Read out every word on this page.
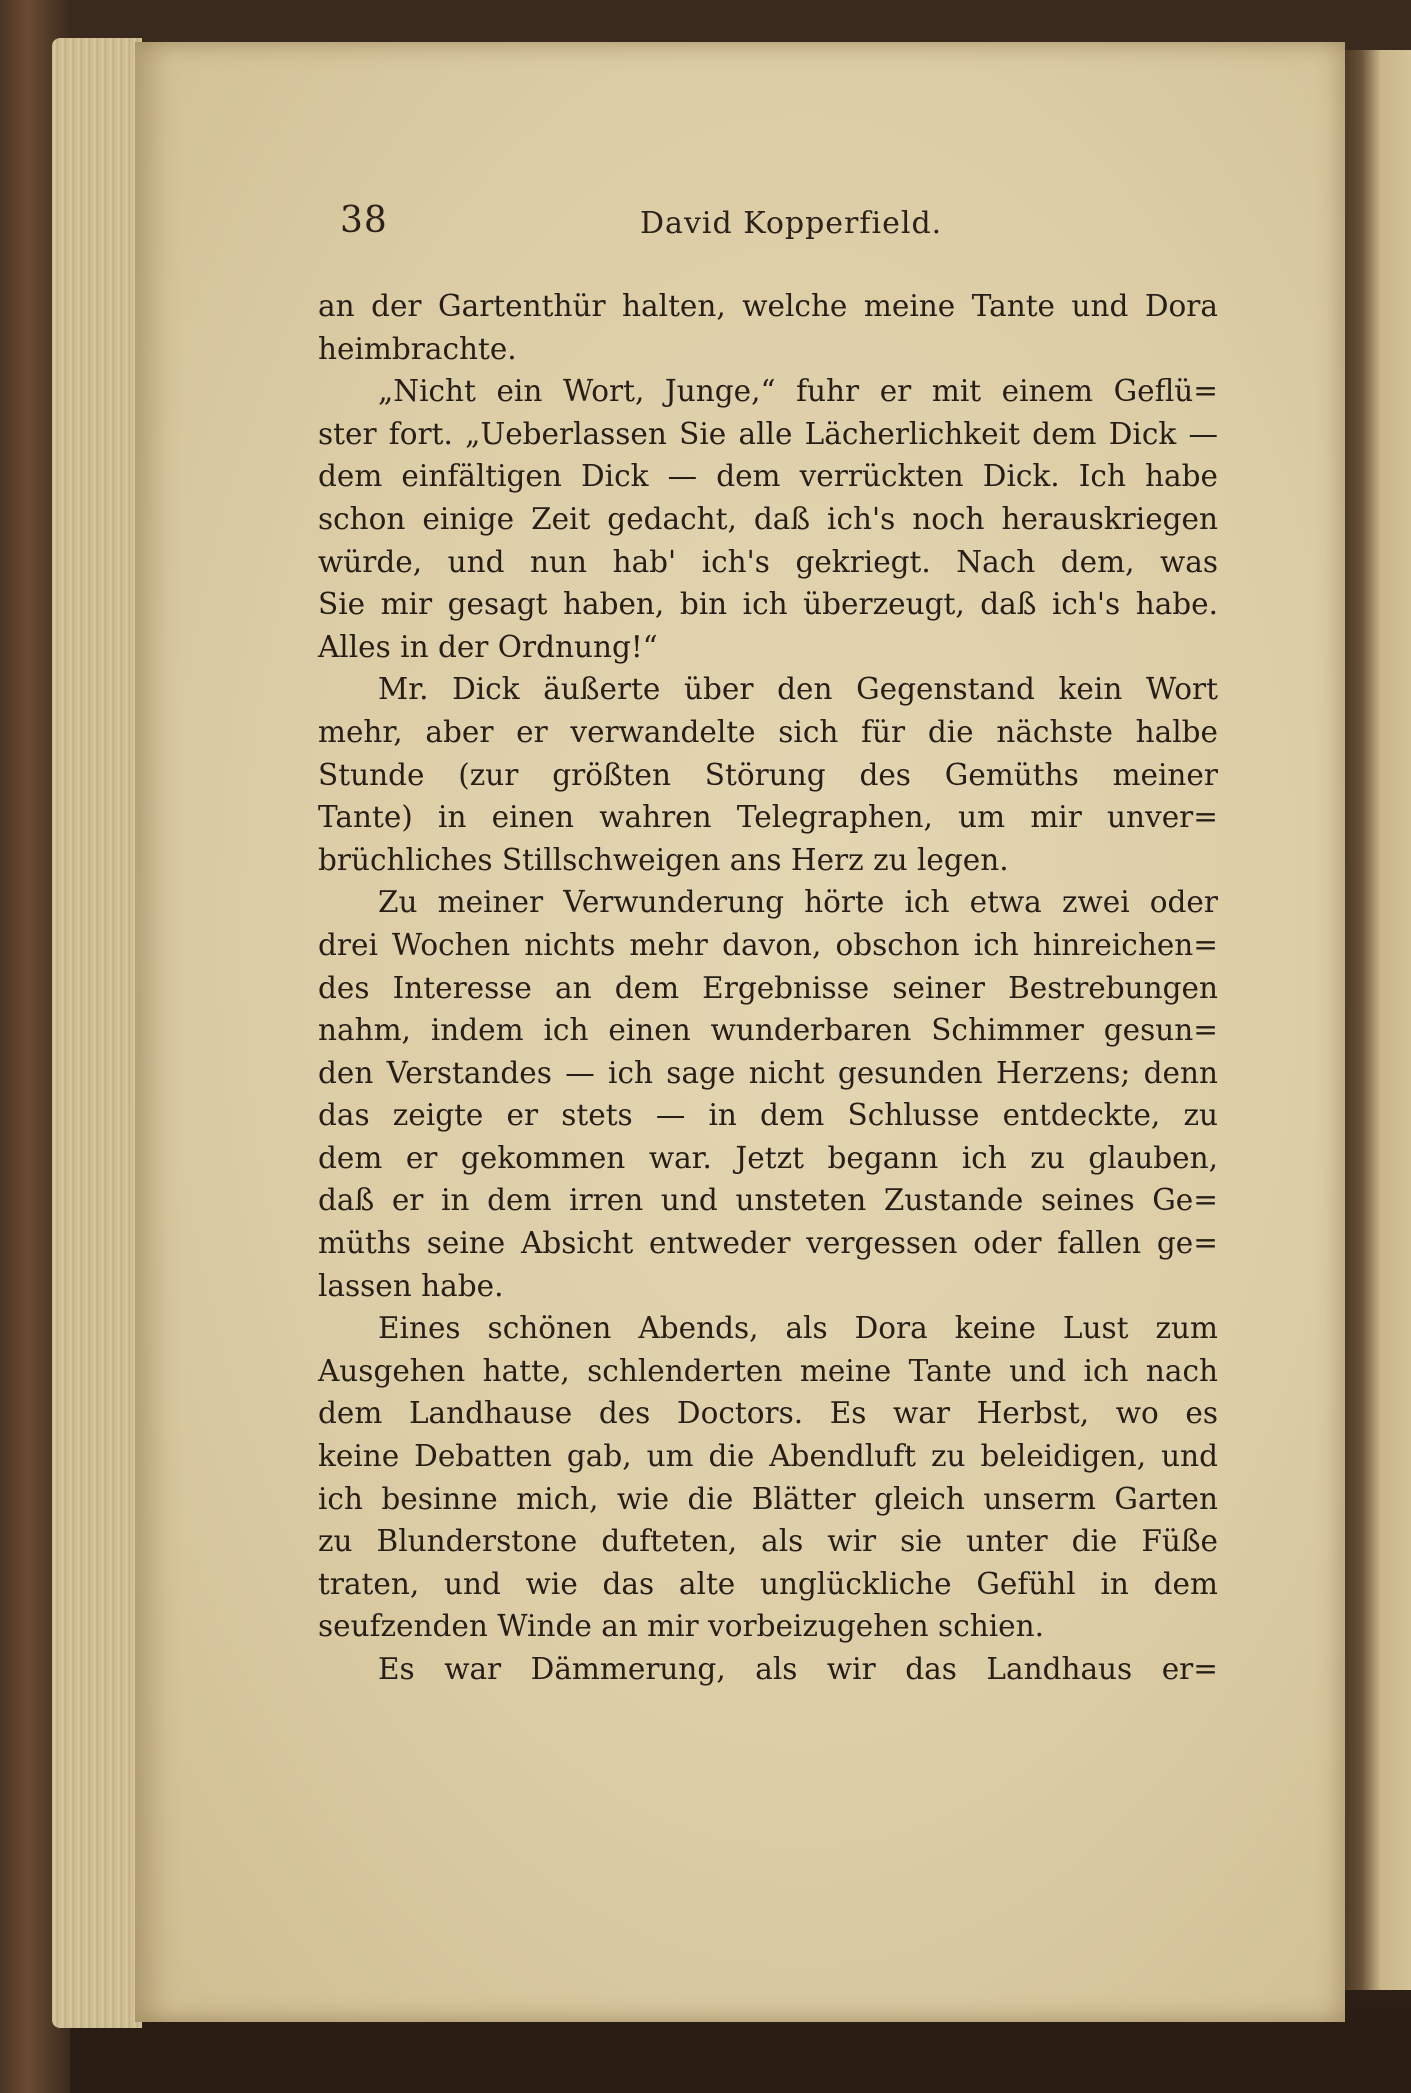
38	David Kopperfield.
an der Gartenthür halten, welche meine Tante und Dora
heimbrachte.
„Nicht ein Wort, Junge,“ fuhr er mit einem Geflü=
ster fort. „Ueberlassen Sie alle Lächerlichkeit dem Dick —
dem einfältigen Dick — dem verrückten Dick. Ich habe
schon einige Zeit gedacht, daß ich's noch herauskriegen
würde, und nun hab' ich's gekriegt. Nach dem, was
Sie mir gesagt haben, bin ich überzeugt, daß ich's habe.
Alles in der Ordnung!“
Mr. Dick äußerte über den Gegenstand kein Wort
mehr, aber er verwandelte sich für die nächste halbe
Stunde (zur größten Störung des Gemüths meiner
Tante) in einen wahren Telegraphen, um mir unver=
brüchliches Stillschweigen ans Herz zu legen.
Zu meiner Verwunderung hörte ich etwa zwei oder
drei Wochen nichts mehr davon, obschon ich hinreichen=
des Interesse an dem Ergebnisse seiner Bestrebungen
nahm, indem ich einen wunderbaren Schimmer gesun=
den Verstandes — ich sage nicht gesunden Herzens; denn
das zeigte er stets — in dem Schlusse entdeckte, zu
dem er gekommen war. Jetzt begann ich zu glauben,
daß er in dem irren und unsteten Zustande seines Ge=
müths seine Absicht entweder vergessen oder fallen ge=
lassen habe.
Eines schönen Abends, als Dora keine Lust zum
Ausgehen hatte, schlenderten meine Tante und ich nach
dem Landhause des Doctors. Es war Herbst, wo es
keine Debatten gab, um die Abendluft zu beleidigen, und
ich besinne mich, wie die Blätter gleich unserm Garten
zu Blunderstone dufteten, als wir sie unter die Füße
traten, und wie das alte unglückliche Gefühl in dem
seufzenden Winde an mir vorbeizugehen schien.
Es war Dämmerung, als wir das Landhaus er=
